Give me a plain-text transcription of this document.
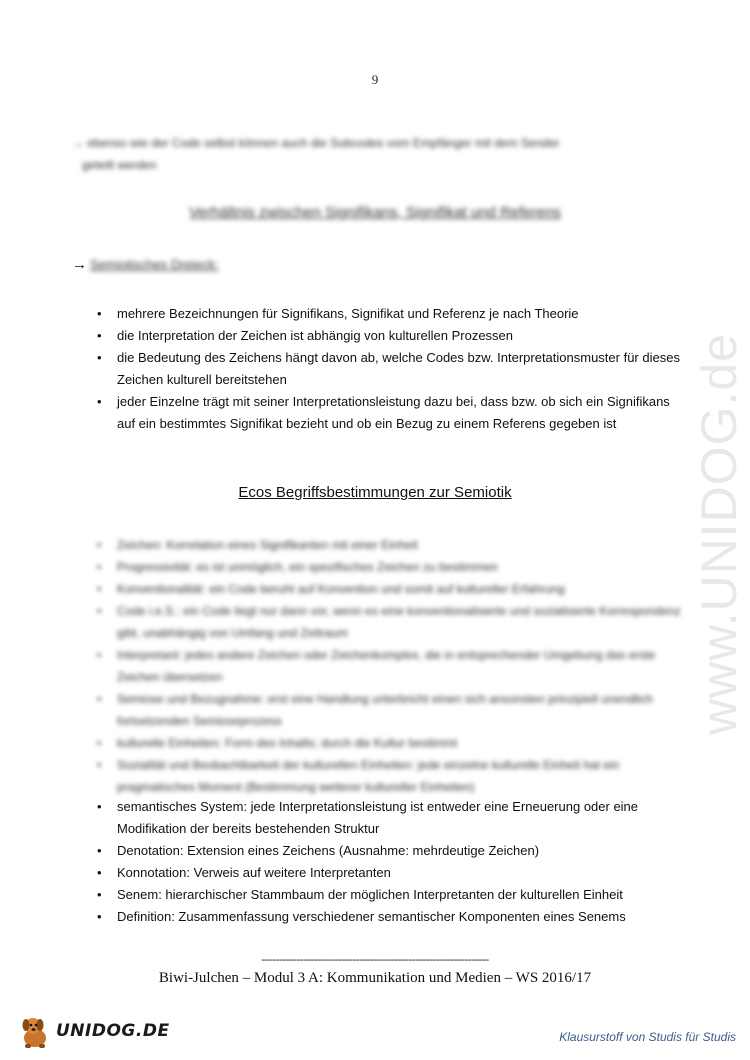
9
→ ebenso wie der Code selbst können auch die Subcodes vom Empfänger mit dem Sender
geteilt werden
Verhältnis zwischen Signifikans, Signifikat und Referens
→ Semiotisches Dreieck:
• mehrere Bezeichnungen für Signifikans, Signifikat und Referenz je nach Theorie
• die Interpretation der Zeichen ist abhängig von kulturellen Prozessen
• die Bedeutung des Zeichens hängt davon ab, welche Codes bzw. Interpretationsmuster für dieses Zeichen kulturell bereitstehen
• jeder Einzelne trägt mit seiner Interpretationsleistung dazu bei, dass bzw. ob sich ein Signifikans auf ein bestimmtes Signifikat bezieht und ob ein Bezug zu einem Referens gegeben ist
Ecos Begriffsbestimmungen zur Semiotik
• Zeichen: Korrelation eines Signifikanten mit einer Einheit
• Progressivität: es ist unmöglich, ein spezifisches Zeichen zu bestimmen
• Konventionalität: ein Code beruht auf Konvention und somit auf kultureller Erfahrung
• Code i.e.S.: ein Code liegt nur dann vor, wenn es eine konventionalisierte und sozialisierte Korrespondenz gibt, unabhängig von Umfang und Zeitraum
• Interpretant: jedes andere Zeichen oder Zeichenkomplex, die in entsprechender Umgebung das erste Zeichen übersetzen
• Semiose und Bezugnahme: erst eine Handlung unterbricht einen sich ansonsten prinzipiell unendlich fortsetzenden Semioseprozess
• kulturelle Einheiten: Form des Inhalts; durch die Kultur bestimmt
• Sozialität und Beobachtbarkeit der kulturellen Einheiten: jede einzelne kulturelle Einheit hat ein pragmatisches Moment (Bestimmung weiterer kultureller Einheiten)
• semantisches System: jede Interpretationsleistung ist entweder eine Erneuerung oder eine Modifikation der bereits bestehenden Struktur
• Denotation: Extension eines Zeichens (Ausnahme: mehrdeutige Zeichen)
• Konnotation: Verweis auf weitere Interpretanten
• Senem: hierarchischer Stammbaum der möglichen Interpretanten der kulturellen Einheit
• Definition: Zusammenfassung verschiedener semantischer Komponenten eines Senems
www.UNIDOG.de
-----------------------------------------------------------------
Biwi-Julchen – Modul 3 A: Kommunikation und Medien – WS 2016/17
UNIDOG.DE	Klausurstoff von Studis für Studis
